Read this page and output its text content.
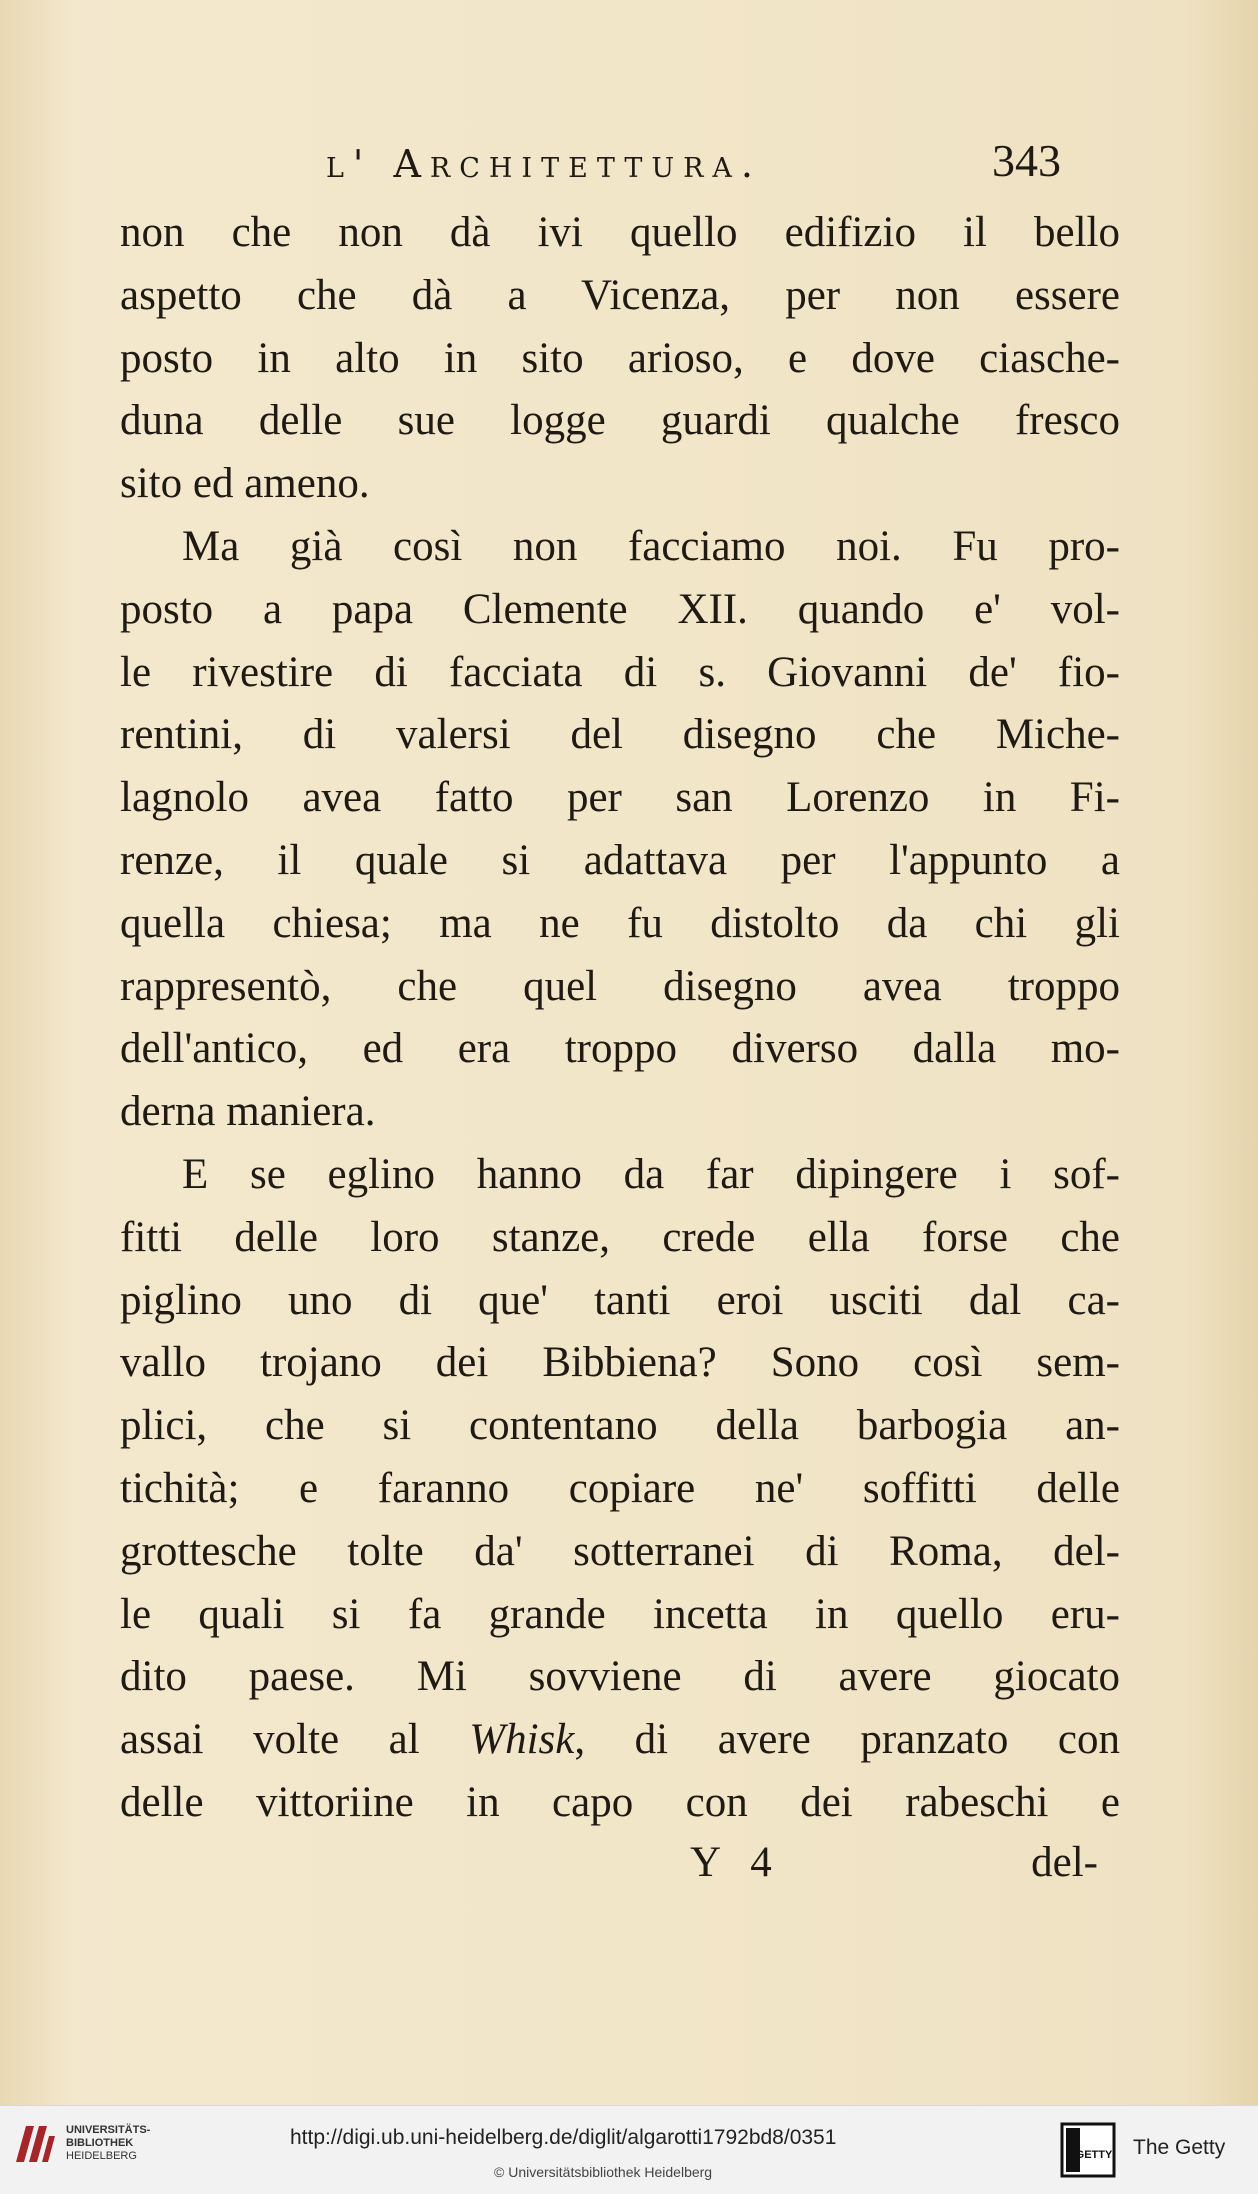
l' Architettura.	343
non che non dà ivi quello edifizio il bello
aspetto che dà a Vicenza, per non essere
posto in alto in sito arioso, e dove ciasche-
duna delle sue logge guardi qualche fresco
sito ed ameno.
Ma già così non facciamo noi. Fu pro-
posto a papa Clemente XII. quando e' vol-
le rivestire di facciata di s. Giovanni de' fio-
rentini, di valersi del disegno che Miche-
lagnolo avea fatto per san Lorenzo in Fi-
renze, il quale si adattava per l'appunto a
quella chiesa; ma ne fu distolto da chi gli
rappresentò, che quel disegno avea troppo
dell'antico, ed era troppo diverso dalla mo-
derna maniera.
E se eglino hanno da far dipingere i sof-
fitti delle loro stanze, crede ella forse che
piglino uno di que' tanti eroi usciti dal ca-
vallo trojano dei Bibbiena? Sono così sem-
plici, che si contentano della barbogia an-
tichità; e faranno copiare ne' soffitti delle
grottesche tolte da' sotterranei di Roma, del-
le quali si fa grande incetta in quello eru-
dito paese. Mi sovviene di avere giocato
assai volte al Whisk, di avere pranzato con
delle vittoriine in capo con dei rabeschi e
Y 4	del-
UNIVERSITÄTS-
BIBLIOTHEK
HEIDELBERG
http://digi.ub.uni-heidelberg.de/diglit/algarotti1792bd8/0351
© Universitätsbibliothek Heidelberg
GETTY The Getty
